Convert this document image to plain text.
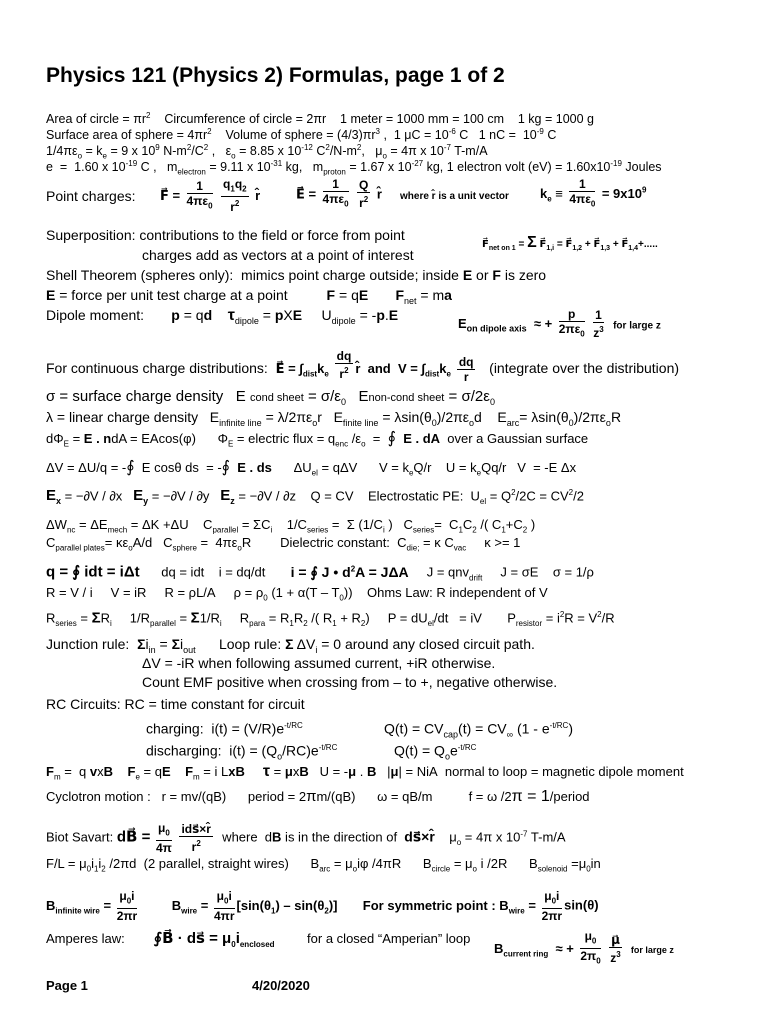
Physics 121 (Physics 2) Formulas, page 1 of 2
Area of circle = $\pi r^2$    Circumference of circle = 2πr    1 meter = 1000 mm = 100 cm    1 kg = 1000 g
Surface area of sphere = $4\pi r^2$    Volume of sphere = $(4/3)\pi r^3$ ,  1 $\mu C = 10^{-6}$ C   1 nC =  $10^{-9}$ C
$1/4\pi\varepsilon_o = k_e = 9$ x $10^9$ $N-m^2/C^2$ ,   $\varepsilon_o = 8.85$ x $10^{-12}$ $C^2/N-m^2$,   $\mu_o = 4\pi$ x $10^{-7}$ T-m/A
e  =  1.60 x $10^{-19}$ C ,   $m_{electron} = 9.11$ x $10^{-31}$ kg,   $m_{proton} = 1.67$ x $10^{-27}$ kg, 1 electron volt $(eV) = 1.60x10^{-19}$ Joules
Point charges: F⃗ = $\frac{1}{4\pi\varepsilon_0}$
$\frac{q_1q_2}{r^2}$ r̂	E⃗ = $\frac{1}{4\pi\varepsilon_0}$
$\frac{Q}{r^2}$ r̂ where r̂ is a unit vector $k_e \equiv \frac{1}{4\pi\varepsilon_0} = 9x10^9$
Superposition: contributions to the field or force from point
charges add as vectors at a point of interest
$F⃗_{net on 1} = \Sigma$ $F⃗_{1,i}$ = $F⃗_{1,2}$ + $F⃗_{1,3}$ + $F⃗_{1,4}+$.....
Shell Theorem (spheres only):  mimics point charge outside; inside E or F is zero
E = force per unit test charge at a point          F = qE $F_{net}$ = ma
Dipole moment:       p = qd $\tau_{dipole}$ = pXE     $U_{dipole} = -p.E$
$E_{on dipole axis}$  ≈ + $\frac{p}{2\pi\varepsilon_0}$
$\frac{1}{z^3}$ for large z
For continuous charge distributions:  E⃗ = $\int_{dist}k_e \frac{dq}{r^2}$ r̂  and  $V = \int_{dist}k_e \frac{dq}{r}$ (integrate over the distribution)
σ = surface charge density   E cond sheet = $\sigma/\varepsilon_0$   Enon-cond sheet = $\sigma/2\varepsilon_0$
λ = linear charge density   $E_{infinite line} = \lambda/2\pi\varepsilon_or$   $E_{finite line} = \lambda\sin(\theta_0)/2\pi\varepsilon_od$    $E_{arc}= \lambda\sin(\theta_0)/2\pi\varepsilon_oR$
$d\Phi_E = E$ . ndA = EAcos(φ)      $\Phi_E$ = electric flux = $q_{enc}$ $/\varepsilon_o$  =  ∮ E . dA  over a Gaussian surface
ΔV = ΔU/q = -∮  E cosθ ds  = -∮ E . ds      $\Delta U_{el} = q\Delta V$      $V = k_eQ/r$    $U = k_eQq/r$   V  = -E Δx
$E_x = -\partial V / \partial x$   $E_y = -\partial V / \partial y$   $E_z = -\partial V / \partial z$    Q = CV    Electrostatic PE:  $U_{el} = Q^2/2C = CV^2/2$
$\Delta W_{nc} = \Delta E_{mech} = \Delta K +\Delta U$    $C_{parallel} = \Sigma C_i$    $1/C_{series} = \Sigma$ ($1/C_i$ )   $C_{series}= C_1C_2$ /( $C_1+C_2$ )
$C_{parallel plates}= \kappa\varepsilon_oA/d$   $C_{sphere} = 4\pi\varepsilon_oR$        Dielectric constant:  $C_{die;} = \kappa$ $C_{vac}$     κ >= 1
q = ∮ idt = iΔt      dq = idt    i = dq/dt       i = ∮ J • $d^2A = J\Delta A$     J = qnv$_{drift}$     J = σE    σ = 1/ρ
R = V / i     V = iR     R = ρL/A     $\rho = \rho_0$ $(1 + \alpha(T - T_0))$    Ohms Law: R independent of V
$R_{series} = \Sigma R_i$     $1/R_{parallel} = \Sigma 1/R_i$     $R_{para} = R_1R_2$ /( $R_1 + R_2$)     $P = dU_{el}/dt$   = iV       $P_{resistor} = i^2R = V^2/R$
Junction rule:  $\Sigma i_{in} = \Sigma i_{out}$      Loop rule: Σ $\Delta V_i = 0$ around any closed circuit path.
ΔV = -iR when following assumed current, +iR otherwise.
Count EMF positive when crossing from – to +, negative otherwise.
RC Circuits: RC = time constant for circuit
charging:  $i(t) = (V/R)e^{-t/RC}$	$Q(t) = CV_{cap}(t) = CV_\infty$ $(1 - e^{-t/RC})$
discharging:  $i(t) = (Q_o/RC)e^{-t/RC}$	$Q(t) = Q_oe^{-t/RC}$
$F_m = q$ vxB $F_e$ = qE $F_m = i$ LxB τ = μxB   U = -μ . B   |μ| = NiA  normal to loop = magnetic dipole moment
Cyclotron motion :   r = mv/(qB)      period = 2πm/(qB)      ω = qB/m          f = ω /2π = 1/period
Biot Savart: dB⃗ = $\frac{\mu_0}{4\pi}$
$\frac{\text{ids⃗×r̂}}{r^2}$ where  dB is in the direction of  ds⃗×r̂    $\mu_o = 4\pi$ x $10^{-7}$ T-m/A
$F/L = \mu_0i_1i_2$ /2πd  (2 parallel, straight wires)      $B_{arc} = \mu_oi\varphi$ /4πR      $B_{circle} = \mu_o$ i /2R      $B_{solenoid} =\mu_0in$
$B_{infinite wire} = \frac{\mu_0i}{2\pi r}$	$B_{wire} = \frac{\mu_0i}{4\pi r} [\sin(\theta_1) - \sin(\theta_2)]$ For symmetric point : $B_{wire} = \frac{\mu_0i}{2\pi r} \sin(\theta)$
Amperes law:        ∮B⃗ · ds⃗ = $\mu_0i_{enclosed}$         for a closed “Amperian” loop
$B_{current ring}$  ≈ + $\frac{\mu_0}{2\pi_0}$
$\frac{\mu⃗}{z^3}$ for large z
Page 1	4/20/2020
